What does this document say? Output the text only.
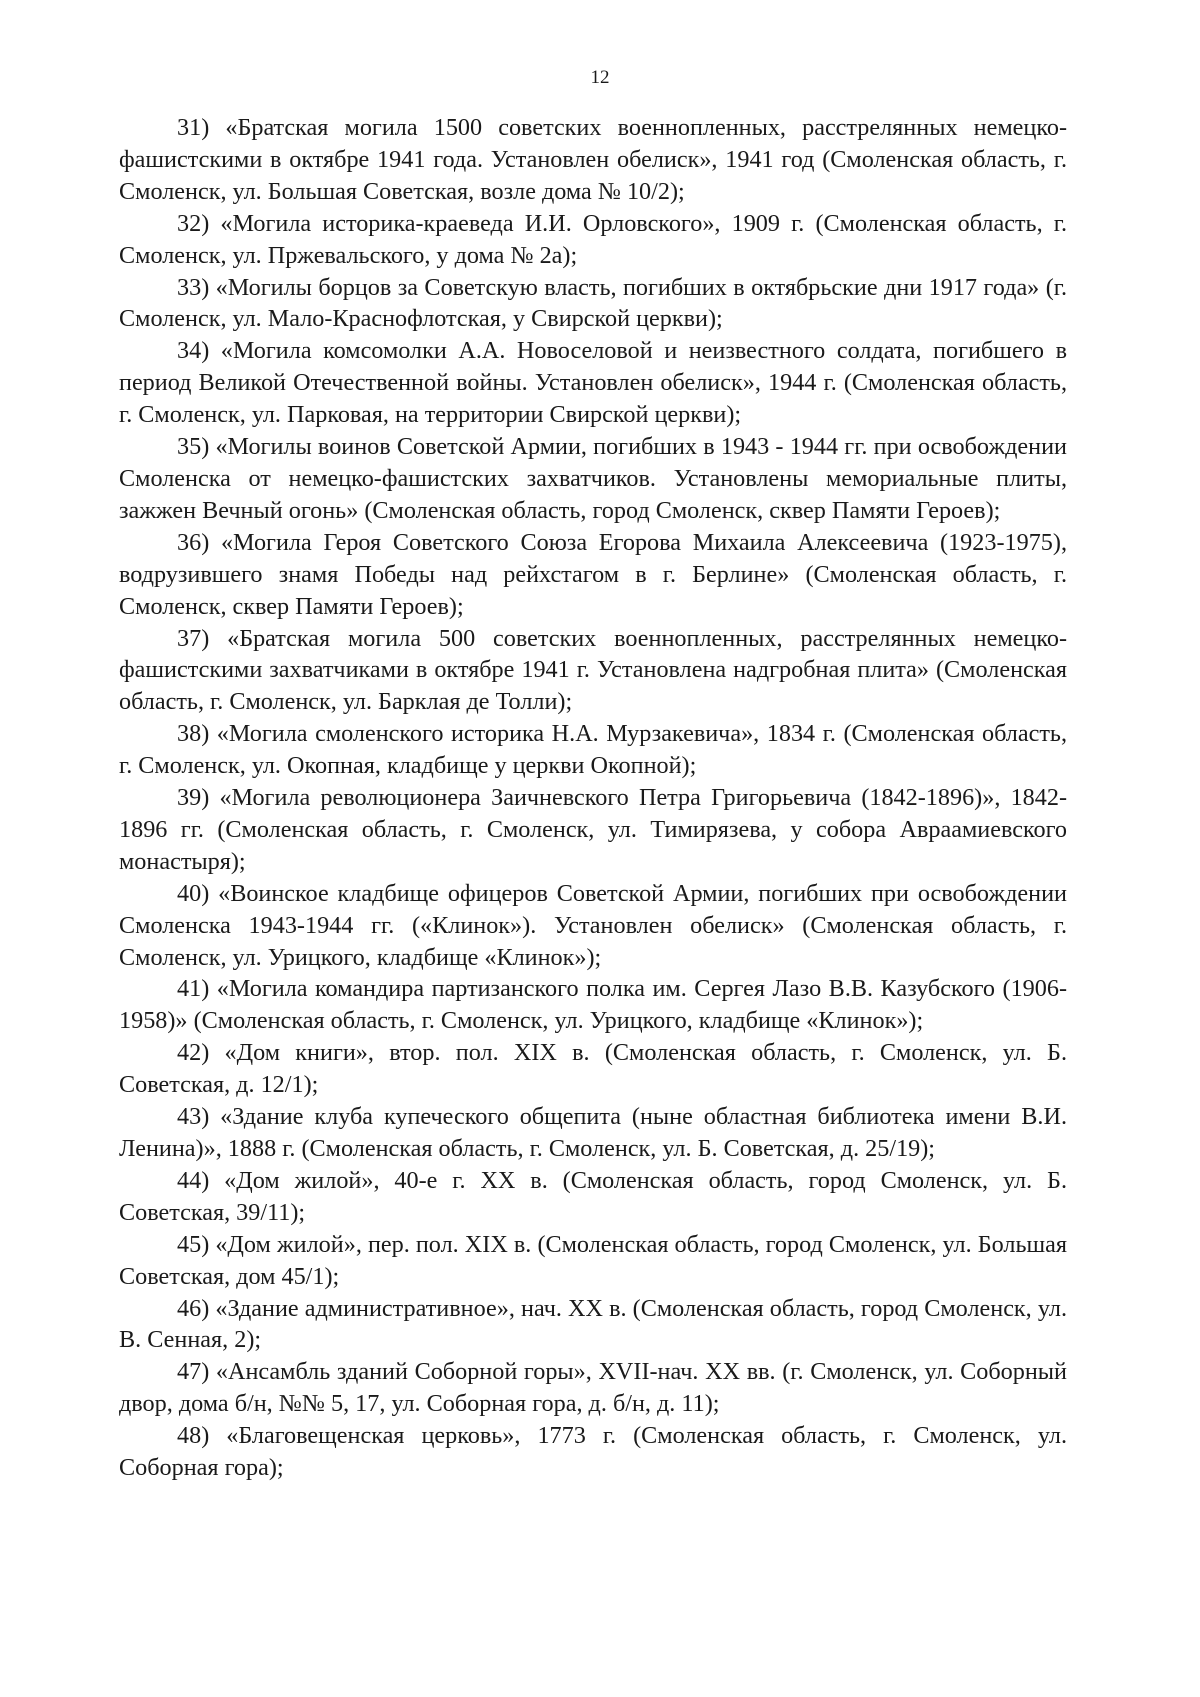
12

31) «Братская могила 1500 советских военнопленных, расстрелянных немецко-фашистскими в октябре 1941 года. Установлен обелиск», 1941 год (Смоленская область, г. Смоленск, ул. Большая Советская, возле дома № 10/2);

32) «Могила историка-краеведа И.И. Орловского», 1909 г. (Смоленская область, г. Смоленск, ул. Пржевальского, у дома № 2а);

33) «Могилы борцов за Советскую власть, погибших в октябрьские дни 1917 года» (г. Смоленск, ул. Мало-Краснофлотская, у Свирской церкви);

34) «Могила комсомолки А.А. Новоселовой и неизвестного солдата, погибшего в период Великой Отечественной войны. Установлен обелиск», 1944 г. (Смоленская область, г. Смоленск, ул. Парковая, на территории Свирской церкви);

35) «Могилы воинов Советской Армии, погибших в 1943 - 1944 гг. при освобождении Смоленска от немецко-фашистских захватчиков. Установлены мемориальные плиты, зажжен Вечный огонь» (Смоленская область, город Смоленск, сквер Памяти Героев);

36) «Могила Героя Советского Союза Егорова Михаила Алексеевича (1923-1975), водрузившего знамя Победы над рейхстагом в г. Берлине» (Смоленская область, г. Смоленск, сквер Памяти Героев);

37) «Братская могила 500 советских военнопленных, расстрелянных немецко-фашистскими захватчиками в октябре 1941 г. Установлена надгробная плита» (Смоленская область, г. Смоленск, ул. Барклая де Толли);

38) «Могила смоленского историка Н.А. Мурзакевича», 1834 г. (Смоленская область, г. Смоленск, ул. Окопная, кладбище у церкви Окопной);

39) «Могила революционера Заичневского Петра Григорьевича (1842-1896)», 1842-1896 гг. (Смоленская область, г. Смоленск, ул. Тимирязева, у собора Авраамиевского монастыря);

40) «Воинское кладбище офицеров Советской Армии, погибших при освобождении Смоленска 1943-1944 гг. («Клинок»). Установлен обелиск» (Смоленская область, г. Смоленск, ул. Урицкого, кладбище «Клинок»);

41) «Могила командира партизанского полка им. Сергея Лазо В.В. Казубского (1906-1958)» (Смоленская область, г. Смоленск, ул. Урицкого, кладбище «Клинок»);

42) «Дом книги», втор. пол. XIX в. (Смоленская область, г. Смоленск, ул. Б. Советская, д. 12/1);

43) «Здание клуба купеческого общепита (ныне областная библиотека имени В.И. Ленина)», 1888 г. (Смоленская область, г. Смоленск, ул. Б. Советская, д. 25/19);

44) «Дом жилой», 40-е г. XX в. (Смоленская область, город Смоленск, ул. Б. Советская, 39/11);

45) «Дом жилой», пер. пол. XIX в. (Смоленская область, город Смоленск, ул. Большая Советская, дом 45/1);

46) «Здание административное», нач. XX в. (Смоленская область, город Смоленск, ул. В. Сенная, 2);

47) «Ансамбль зданий Соборной горы», XVII-нач. XX вв. (г. Смоленск, ул. Соборный двор, дома б/н, №№ 5, 17, ул. Соборная гора, д. б/н, д. 11);

48) «Благовещенская церковь», 1773 г. (Смоленская область, г. Смоленск, ул. Соборная гора);
